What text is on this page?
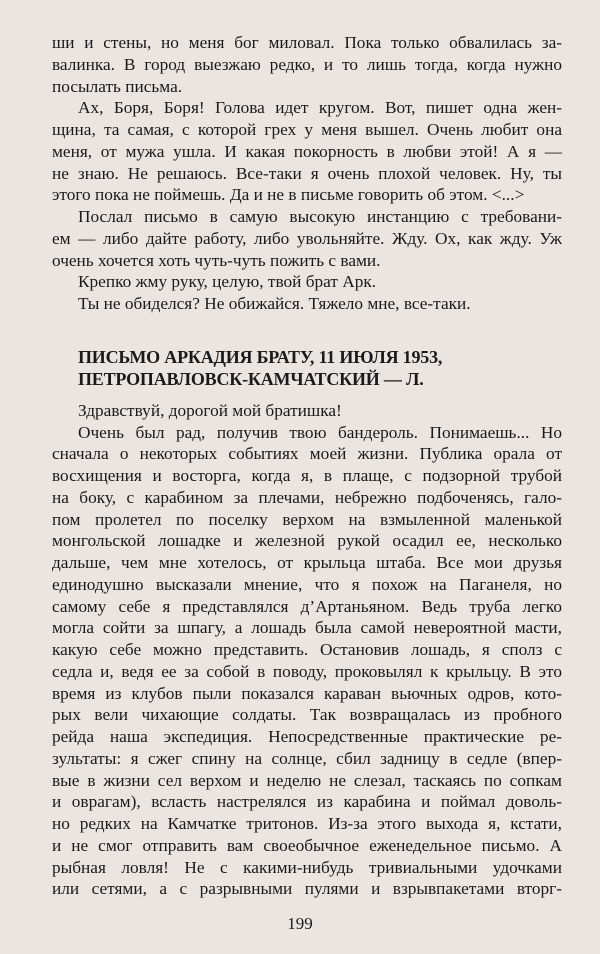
ши и стены, но меня бог миловал. Пока только обвалилась за-
валинка. В город выезжаю редко, и то лишь тогда, когда нужно
посылать письма.
Ах, Боря, Боря! Голова идет кругом. Вот, пишет одна жен-
щина, та самая, с которой грех у меня вышел. Очень любит она
меня, от мужа ушла. И какая покорность в любви этой! А я —
не знаю. Не решаюсь. Все-таки я очень плохой человек. Ну, ты
этого пока не поймешь. Да и не в письме говорить об этом. <...>
Послал письмо в самую высокую инстанцию с требовани-
ем — либо дайте работу, либо увольняйте. Жду. Ох, как жду. Уж
очень хочется хоть чуть-чуть пожить с вами.
Крепко жму руку, целую, твой брат Арк.
Ты не обиделся? Не обижайся. Тяжело мне, все-таки.
ПИСЬМО АРКАДИЯ БРАТУ, 11 ИЮЛЯ 1953,
ПЕТРОПАВЛОВСК-КАМЧАТСКИЙ — Л.
Здравствуй, дорогой мой братишка!
Очень был рад, получив твою бандероль. Понимаешь... Но
сначала о некоторых событиях моей жизни. Публика орала от
восхищения и восторга, когда я, в плаще, с подзорной трубой
на боку, с карабином за плечами, небрежно подбоченясь, гало-
пом пролетел по поселку верхом на взмыленной маленькой
монгольской лошадке и железной рукой осадил ее, несколько
дальше, чем мне хотелось, от крыльца штаба. Все мои друзья
единодушно высказали мнение, что я похож на Паганеля, но
самому себе я представлялся д’Артаньяном. Ведь труба легко
могла сойти за шпагу, а лошадь была самой невероятной масти,
какую себе можно представить. Остановив лошадь, я сполз с
седла и, ведя ее за собой в поводу, проковылял к крыльцу. В это
время из клубов пыли показался караван вьючных одров, кото-
рых вели чихающие солдаты. Так возвращалась из пробного
рейда наша экспедиция. Непосредственные практические ре-
зультаты: я сжег спину на солнце, сбил задницу в седле (впер-
вые в жизни сел верхом и неделю не слезал, таскаясь по сопкам
и оврагам), всласть настрелялся из карабина и поймал доволь-
но редких на Камчатке тритонов. Из-за этого выхода я, кстати,
и не смог отправить вам своеобычное еженедельное письмо. А
рыбная ловля! Не с какими-нибудь тривиальными удочками
или сетями, а с разрывными пулями и взрывпакетами вторг-
199
